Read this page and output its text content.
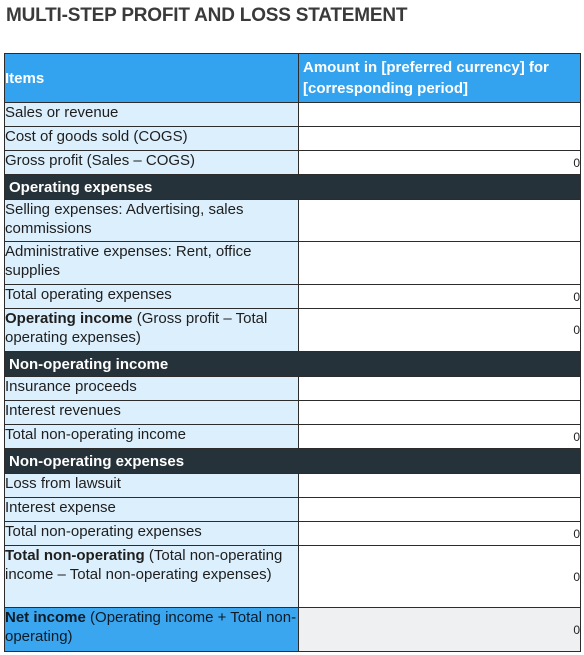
MULTI-STEP PROFIT AND LOSS STATEMENT
Items	Amount in [preferred currency] for [corresponding period]
Sales or revenue	
Cost of goods sold (COGS)	
Gross profit (Sales – COGS)	0
Operating expenses	
Selling expenses: Advertising, sales commissions	
Administrative expenses: Rent, office supplies	
Total operating expenses	0
Operating income (Gross profit – Total operating expenses)	0
Non-operating income	
Insurance proceeds	
Interest revenues	
Total non-operating income	0
Non-operating expenses	
Loss from lawsuit	
Interest expense	
Total non-operating expenses	0
Total non-operating (Total non-operating income – Total non-operating expenses)	0
Net income (Operating income + Total non-operating)	0
